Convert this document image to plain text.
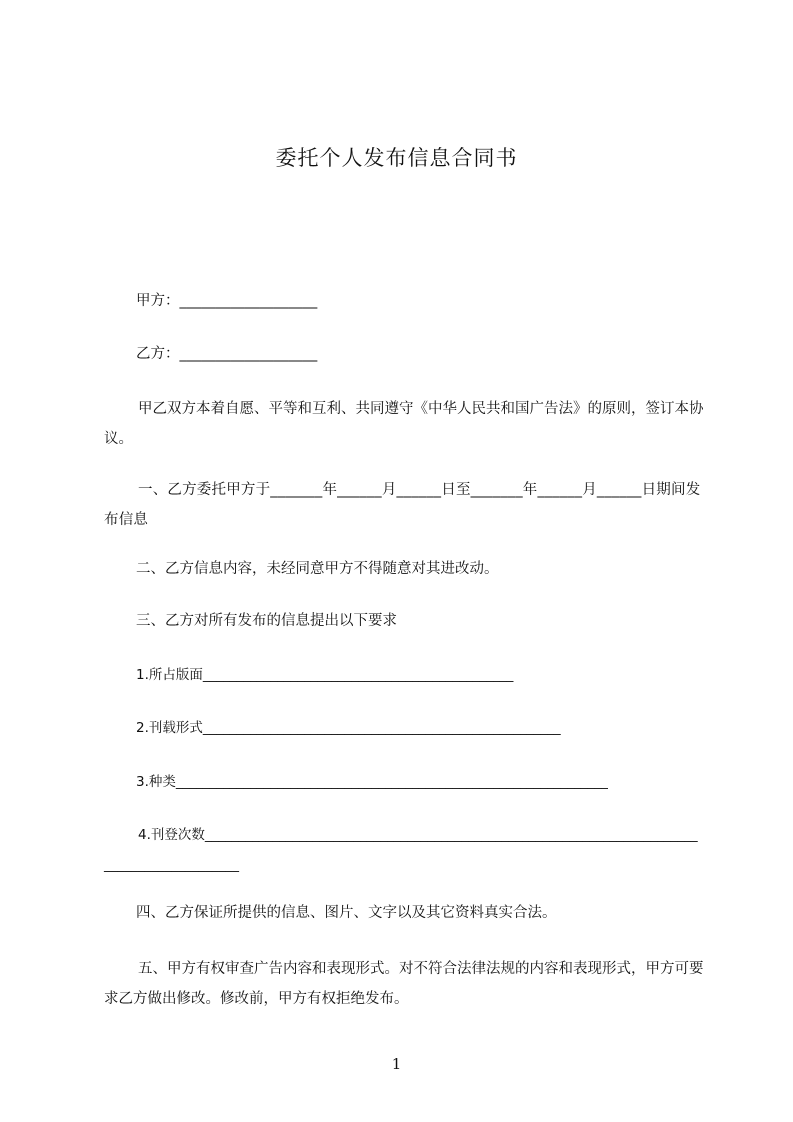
委托个人发布信息合同书
甲方：___________________
乙方：___________________
甲乙双方本着自愿、平等和互利、共同遵守《中华人民共和国广告法》的原则，签订本协议。
一、乙方委托甲方于_______年______月______日至_______年______月______日期间发布信息
二、乙方信息内容，未经同意甲方不得随意对其进改动。
三、乙方对所有发布的信息提出以下要求
1.所占版面______________________________________________
2.刊载形式_____________________________________________________
3.种类________________________________________________________________
4.刊登次数_____________________________________________________________________________________________
四、乙方保证所提供的信息、图片、文字以及其它资料真实合法。
五、甲方有权审查广告内容和表现形式。对不符合法律法规的内容和表现形式，甲方可要求乙方做出修改。修改前，甲方有权拒绝发布。
1
